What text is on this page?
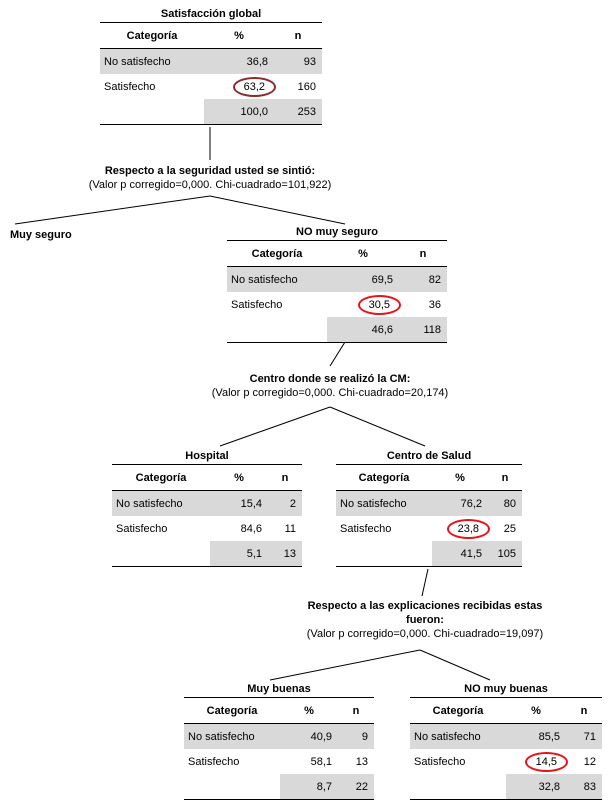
Satisfacción global
Categoría	%	n
No satisfecho	36,8	93
Satisfecho	63,2	160
	100,0	253
Respecto a la seguridad usted se sintió:
(Valor p corregido=0,000. Chi-cuadrado=101,922)
Muy seguro	NO muy seguro
Categoría	%	n
No satisfecho	69,5	82
Satisfecho	30,5	36
	46,6	118
Centro donde se realizó la CM:
(Valor p corregido=0,000. Chi-cuadrado=20,174)
Hospital
Categoría	%	n
No satisfecho	15,4	2
Satisfecho	84,6	11
	5,1	13
Centro de Salud
Categoría	%	n
No satisfecho	76,2	80
Satisfecho	23,8	25
	41,5	105
Respecto a las explicaciones recibidas estas
fueron:
(Valor p corregido=0,000. Chi-cuadrado=19,097)
Muy buenas
Categoría	%	n
No satisfecho	40,9	9
Satisfecho	58,1	13
	8,7	22
NO muy buenas
Categoría	%	n
No satisfecho	85,5	71
Satisfecho	14,5	12
	32,8	83
